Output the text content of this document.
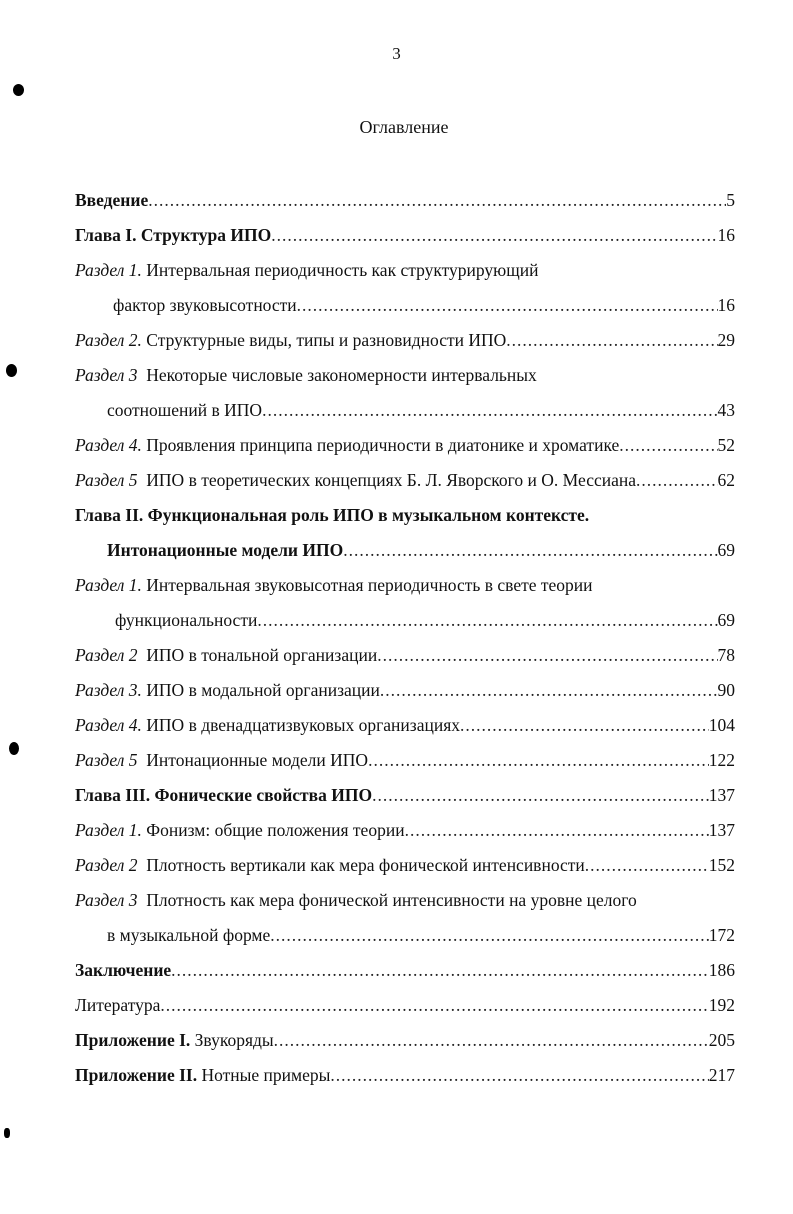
3
Оглавление
Введение .....	5
Глава I. Структура ИПО .....	16
Раздел 1. Интервальная периодичность как структурирующий
фактор звуковысотности .....	16
Раздел 2. Структурные виды, типы и разновидности ИПО .....	29
Раздел 3 Некоторые числовые закономерности интервальных
соотношений в ИПО .....	43
Раздел 4. Проявления принципа периодичности в диатонике и хроматике .....	52
Раздел 5 ИПО в теоретических концепциях Б. Л. Яворского и О. Мессиана .....	62
Глава II. Функциональная роль ИПО в музыкальном контексте.
Интонационные модели ИПО .....	69
Раздел 1. Интервальная звуковысотная периодичность в свете теории
функциональности .....	69
Раздел 2 ИПО в тональной организации .....	78
Раздел 3. ИПО в модальной организации .....	90
Раздел 4. ИПО в двенадцатизвуковых организациях .....	104
Раздел 5 Интонационные модели ИПО .....	122
Глава III. Фонические свойства ИПО .....	137
Раздел 1. Фонизм: общие положения теории .....	137
Раздел 2 Плотность вертикали как мера фонической интенсивности .....	152
Раздел 3 Плотность как мера фонической интенсивности на уровне целого
в музыкальной форме .....	172
Заключение .....	186
Литература .....	192
Приложение I. Звукоряды .....	205
Приложение II. Нотные примеры .....	217
